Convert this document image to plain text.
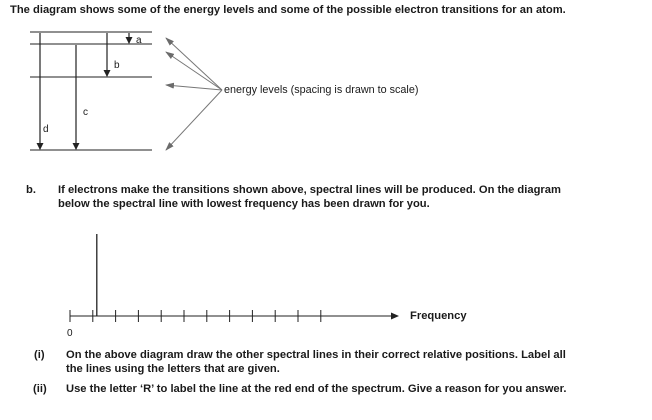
The diagram shows some of the energy levels and some of the possible electron transitions for an atom.
a
b
c
d
0
energy levels (spacing is drawn to scale)
b. If electrons make the transitions shown above, spectral lines will be produced. On the diagram
below the spectral line with lowest frequency has been drawn for you.
Frequency
(i) On the above diagram draw the other spectral lines in their correct relative positions. Label all
the lines using the letters that are given.
(ii) Use the letter ‘R’ to label the line at the red end of the spectrum. Give a reason for you answer.
